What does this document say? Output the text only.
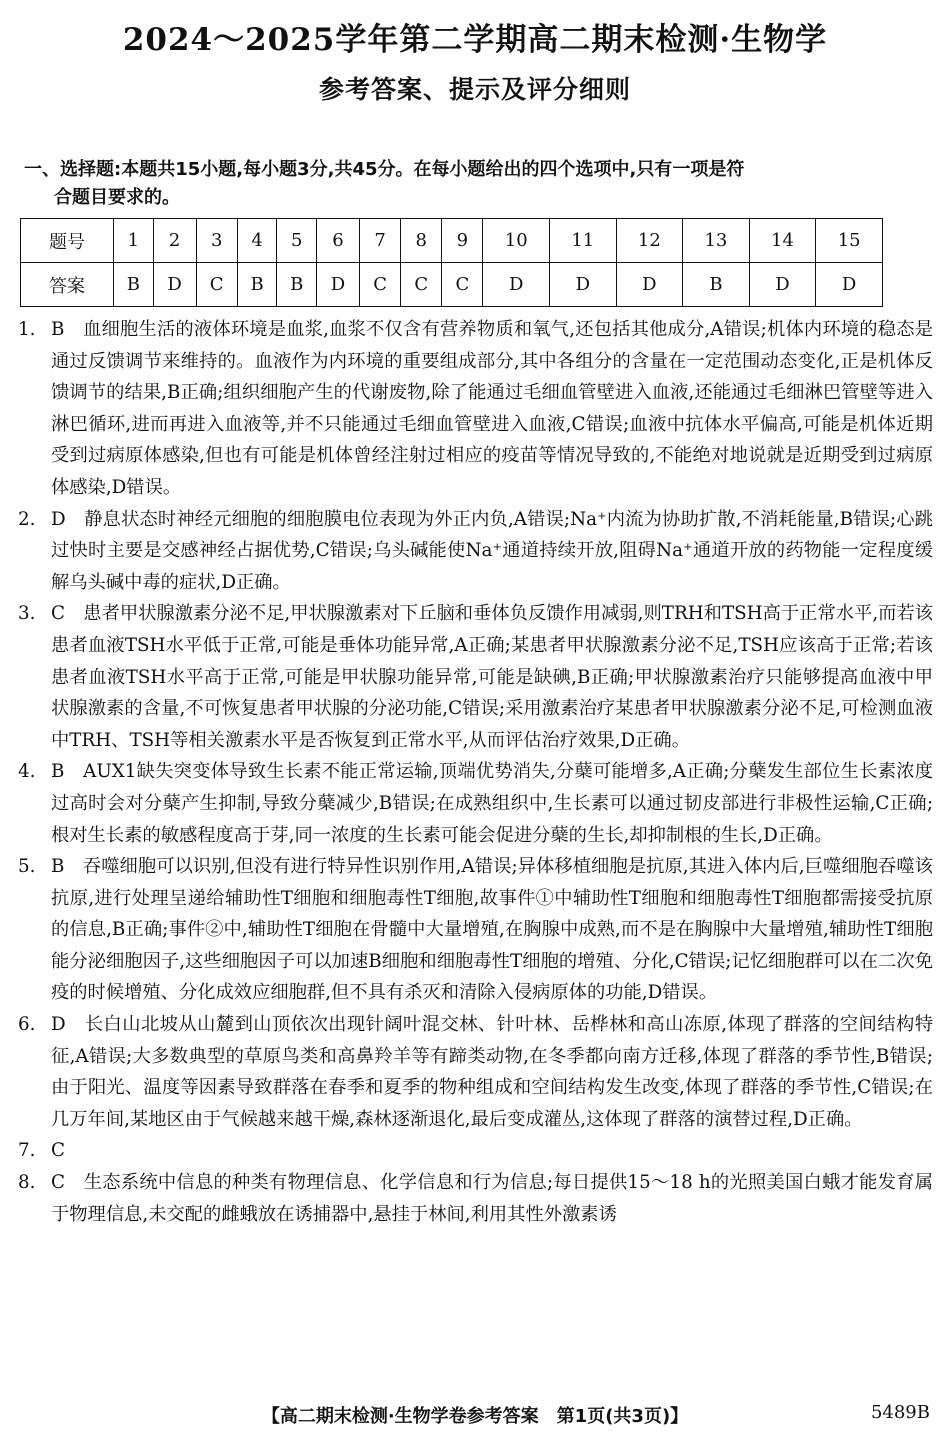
2024～2025学年第二学期高二期末检测·生物学
参考答案、提示及评分细则
一、选择题:本题共15小题,每小题3分,共45分。在每小题给出的四个选项中,只有一项是符
合题目要求的。
题号	1	2	3	4	5	6	7	8	9	10	11	12	13	14	15
答案	B	D	C	B	B	D	C	C	C	D	D	D	B	D	D

1. B　血细胞生活的液体环境是血浆,血浆不仅含有营养物质和氧气,还包括其他成分,A错误;机体内环境的稳态是通过反馈调节来维持的。血液作为内环境的重要组成部分,其中各组分的含量在一定范围动态变化,正是机体反馈调节的结果,B正确;组织细胞产生的代谢废物,除了能通过毛细血管壁进入血液,还能通过毛细淋巴管壁等进入淋巴循环,进而再进入血液等,并不只能通过毛细血管壁进入血液,C错误;血液中抗体水平偏高,可能是机体近期受到过病原体感染,但也有可能是机体曾经注射过相应的疫苗等情况导致的,不能绝对地说就是近期受到过病原体感染,D错误。

2. D　静息状态时神经元细胞的细胞膜电位表现为外正内负,A错误;Na⁺内流为协助扩散,不消耗能量,B错误;心跳过快时主要是交感神经占据优势,C错误;乌头碱能使Na⁺通道持续开放,阻碍Na⁺通道开放的药物能一定程度缓解乌头碱中毒的症状,D正确。

3. C　患者甲状腺激素分泌不足,甲状腺激素对下丘脑和垂体负反馈作用减弱,则TRH和TSH高于正常水平,而若该患者血液TSH水平低于正常,可能是垂体功能异常,A正确;某患者甲状腺激素分泌不足,TSH应该高于正常;若该患者血液TSH水平高于正常,可能是甲状腺功能异常,可能是缺碘,B正确;甲状腺激素治疗只能够提高血液中甲状腺激素的含量,不可恢复患者甲状腺的分泌功能,C错误;采用激素治疗某患者甲状腺激素分泌不足,可检测血液中TRH、TSH等相关激素水平是否恢复到正常水平,从而评估治疗效果,D正确。

4. B　AUX1缺失突变体导致生长素不能正常运输,顶端优势消失,分蘖可能增多,A正确;分蘖发生部位生长素浓度过高时会对分蘖产生抑制,导致分蘖减少,B错误;在成熟组织中,生长素可以通过韧皮部进行非极性运输,C正确;根对生长素的敏感程度高于芽,同一浓度的生长素可能会促进分蘖的生长,却抑制根的生长,D正确。

5. B　吞噬细胞可以识别,但没有进行特异性识别作用,A错误;异体移植细胞是抗原,其进入体内后,巨噬细胞吞噬该抗原,进行处理呈递给辅助性T细胞和细胞毒性T细胞,故事件①中辅助性T细胞和细胞毒性T细胞都需接受抗原的信息,B正确;事件②中,辅助性T细胞在骨髓中大量增殖,在胸腺中成熟,而不是在胸腺中大量增殖,辅助性T细胞能分泌细胞因子,这些细胞因子可以加速B细胞和细胞毒性T细胞的增殖、分化,C错误;记忆细胞群可以在二次免疫的时候增殖、分化成效应细胞群,但不具有杀灭和清除入侵病原体的功能,D错误。

6. D　长白山北坡从山麓到山顶依次出现针阔叶混交林、针叶林、岳桦林和高山冻原,体现了群落的空间结构特征,A错误;大多数典型的草原鸟类和高鼻羚羊等有蹄类动物,在冬季都向南方迁移,体现了群落的季节性,B错误;由于阳光、温度等因素导致群落在春季和夏季的物种组成和空间结构发生改变,体现了群落的季节性,C错误;在几万年间,某地区由于气候越来越干燥,森林逐渐退化,最后变成灌丛,这体现了群落的演替过程,D正确。

7. C

8. C　生态系统中信息的种类有物理信息、化学信息和行为信息;每日提供15～18 h的光照美国白蛾才能发育属于物理信息,未交配的雌蛾放在诱捕器中,悬挂于林间,利用其性外激素诱

【高二期末检测·生物学卷参考答案　第1页(共3页)】	5489B
